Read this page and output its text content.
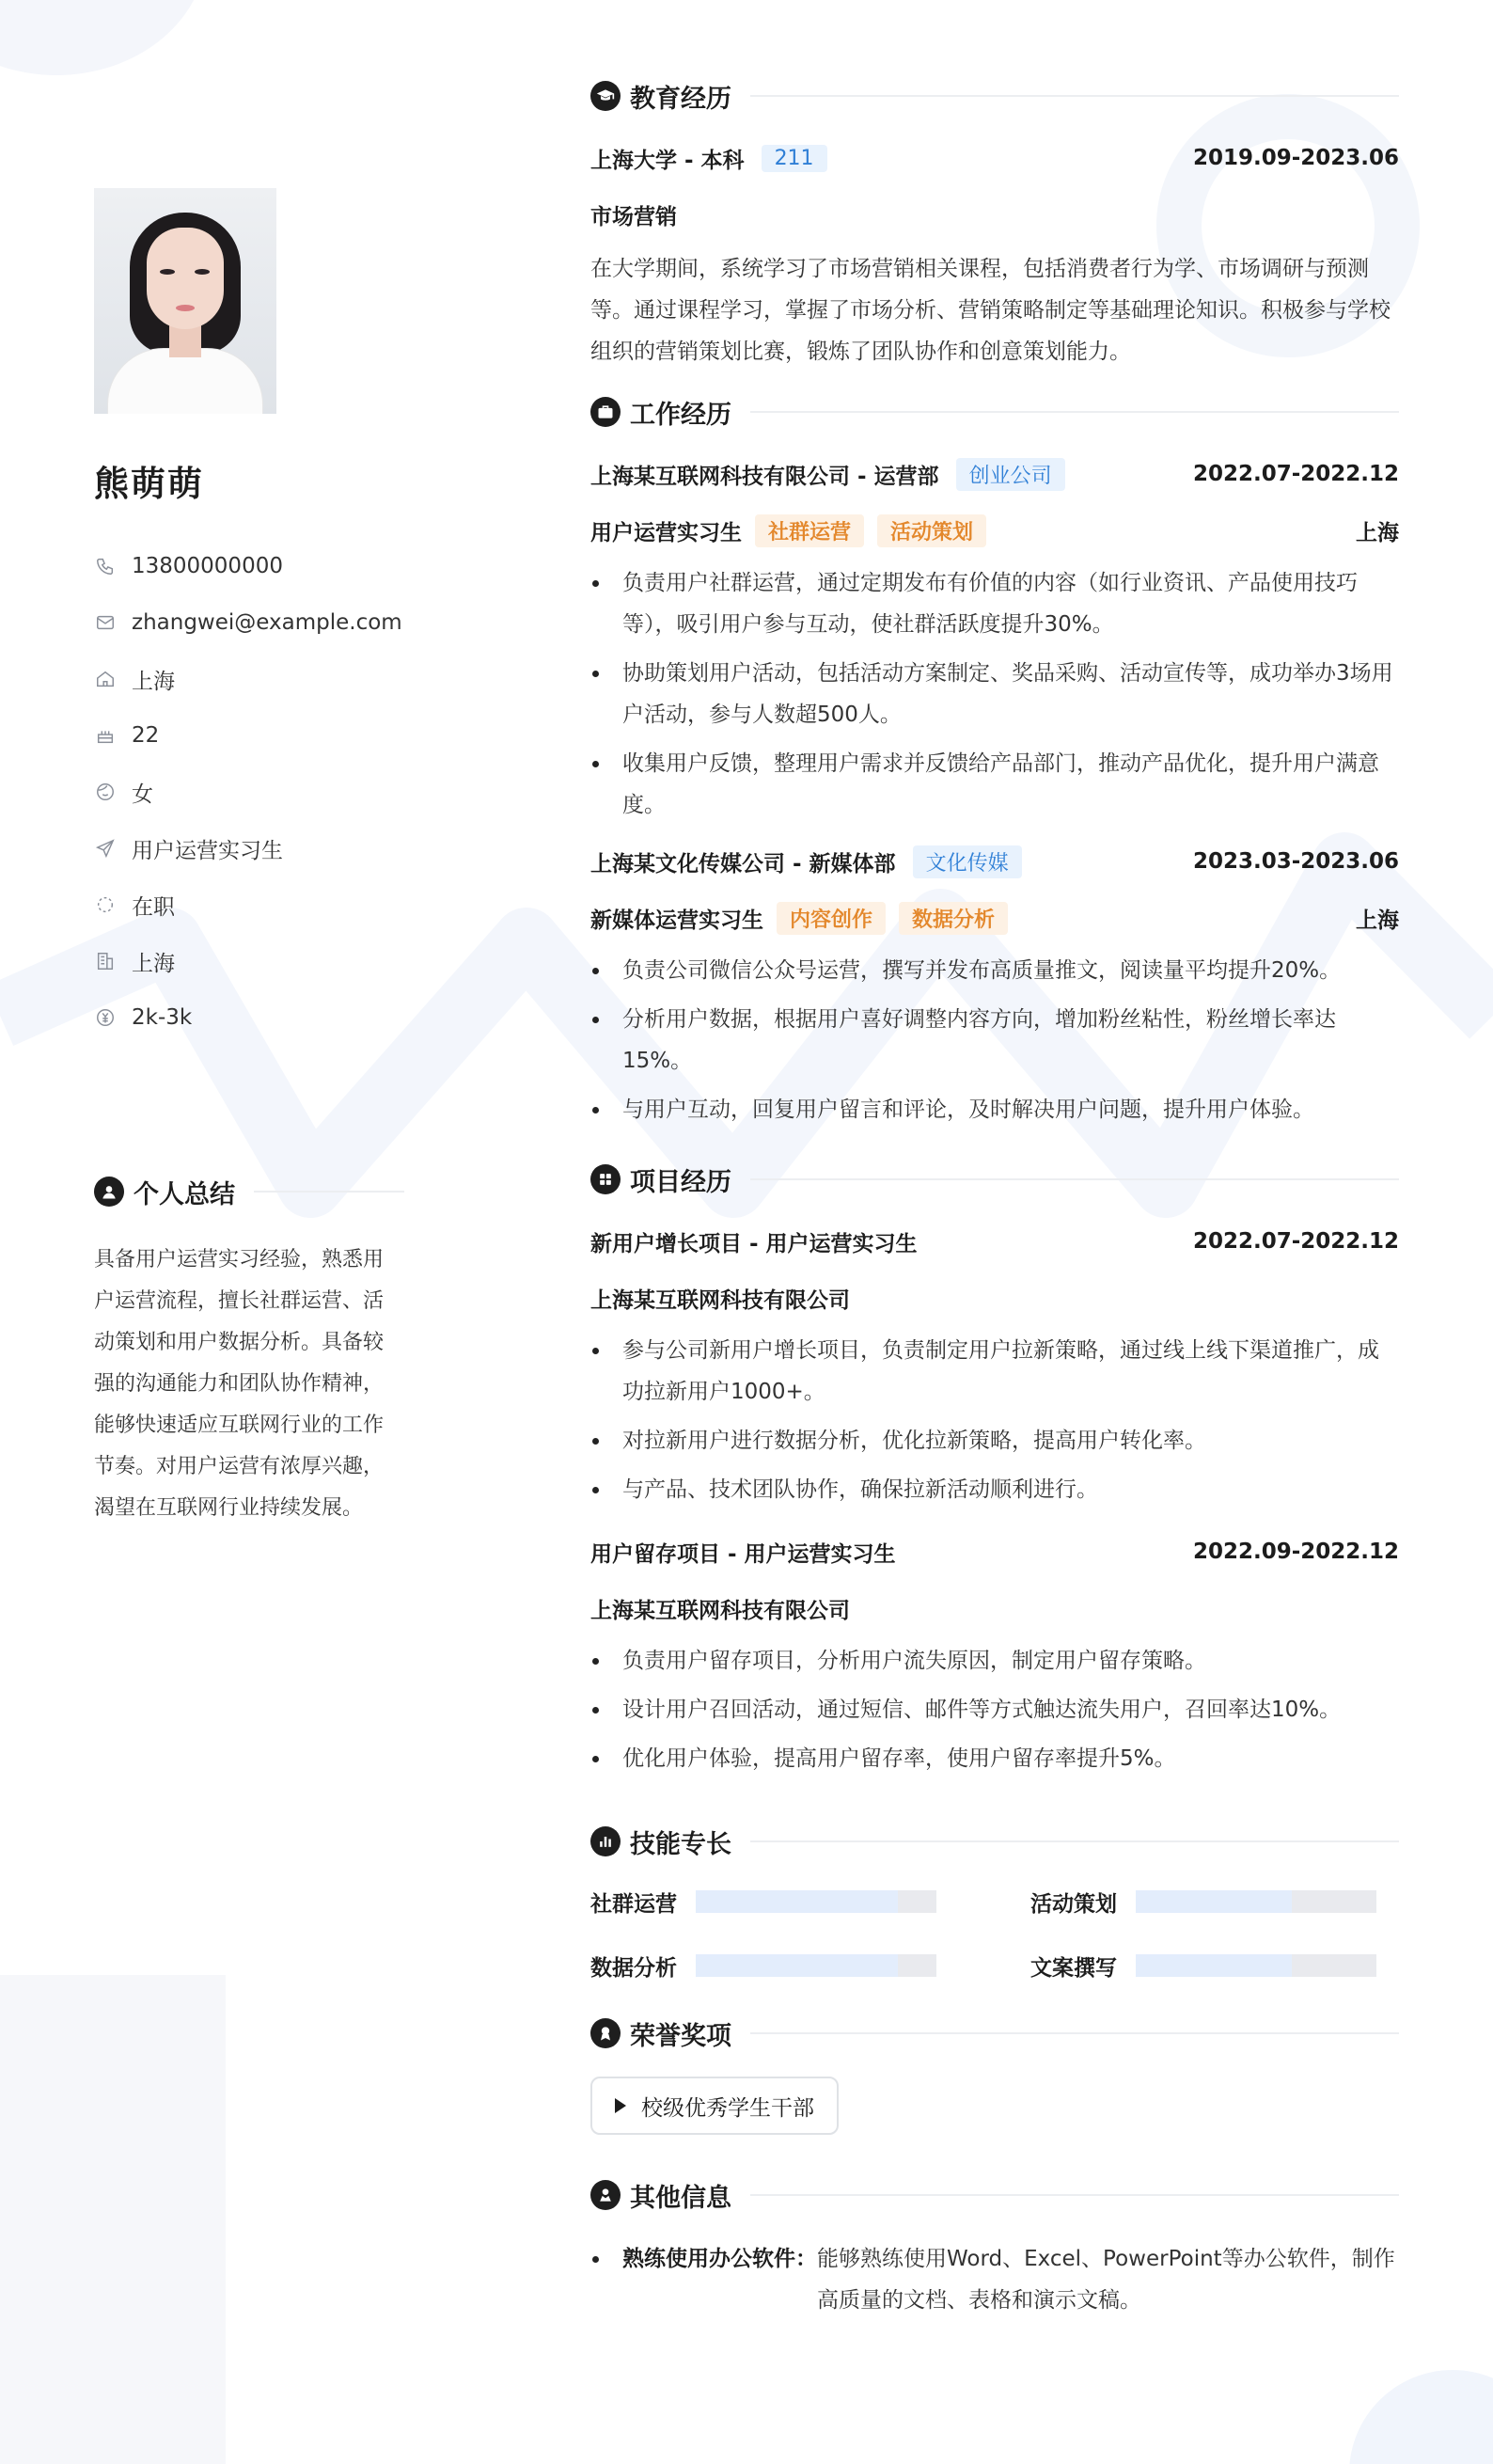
熊萌萌
13800000000
zhangwei@example.com
上海
22
女
用户运营实习生
在职
上海
2k-3k
个人总结

具备用户运营实习经验，熟悉用户运营流程，擅长社群运营、活动策划和用户数据分析。具备较强的沟通能力和团队协作精神，能够快速适应互联网行业的工作节奏。对用户运营有浓厚兴趣，渴望在互联网行业持续发展。

教育经历
上海大学 - 本科	211	2019.09-2023.06
市场营销

在大学期间，系统学习了市场营销相关课程，包括消费者行为学、市场调研与预测等。通过课程学习，掌握了市场分析、营销策略制定等基础理论知识。积极参与学校组织的营销策划比赛，锻炼了团队协作和创意策划能力。

工作经历
上海某互联网科技有限公司 - 运营部	创业公司	2022.07-2022.12
用户运营实习生	社群运营	活动策划	上海
负责用户社群运营，通过定期发布有价值的内容（如行业资讯、产品使用技巧等），吸引用户参与互动，使社群活跃度提升30%。
协助策划用户活动，包括活动方案制定、奖品采购、活动宣传等，成功举办3场用户活动，参与人数超500人。
收集用户反馈，整理用户需求并反馈给产品部门，推动产品优化，提升用户满意度。
上海某文化传媒公司 - 新媒体部	文化传媒	2023.03-2023.06
新媒体运营实习生	内容创作	数据分析	上海
负责公司微信公众号运营，撰写并发布高质量推文，阅读量平均提升20%。
分析用户数据，根据用户喜好调整内容方向，增加粉丝粘性，粉丝增长率达15%。
与用户互动，回复用户留言和评论，及时解决用户问题，提升用户体验。
项目经历
新用户增长项目 - 用户运营实习生	2022.07-2022.12
上海某互联网科技有限公司
参与公司新用户增长项目，负责制定用户拉新策略，通过线上线下渠道推广，成功拉新用户1000+。
对拉新用户进行数据分析，优化拉新策略，提高用户转化率。
与产品、技术团队协作，确保拉新活动顺利进行。
用户留存项目 - 用户运营实习生	2022.09-2022.12
上海某互联网科技有限公司
负责用户留存项目，分析用户流失原因，制定用户留存策略。
设计用户召回活动，通过短信、邮件等方式触达流失用户，召回率达10%。
优化用户体验，提高用户留存率，使用户留存率提升5%。
技能专长
社群运营	活动策划
数据分析	文案撰写
荣誉奖项
校级优秀学生干部
其他信息
熟练使用办公软件： 能够熟练使用Word、Excel、PowerPoint等办公软件，制作高质量的文档、表格和演示文稿。
